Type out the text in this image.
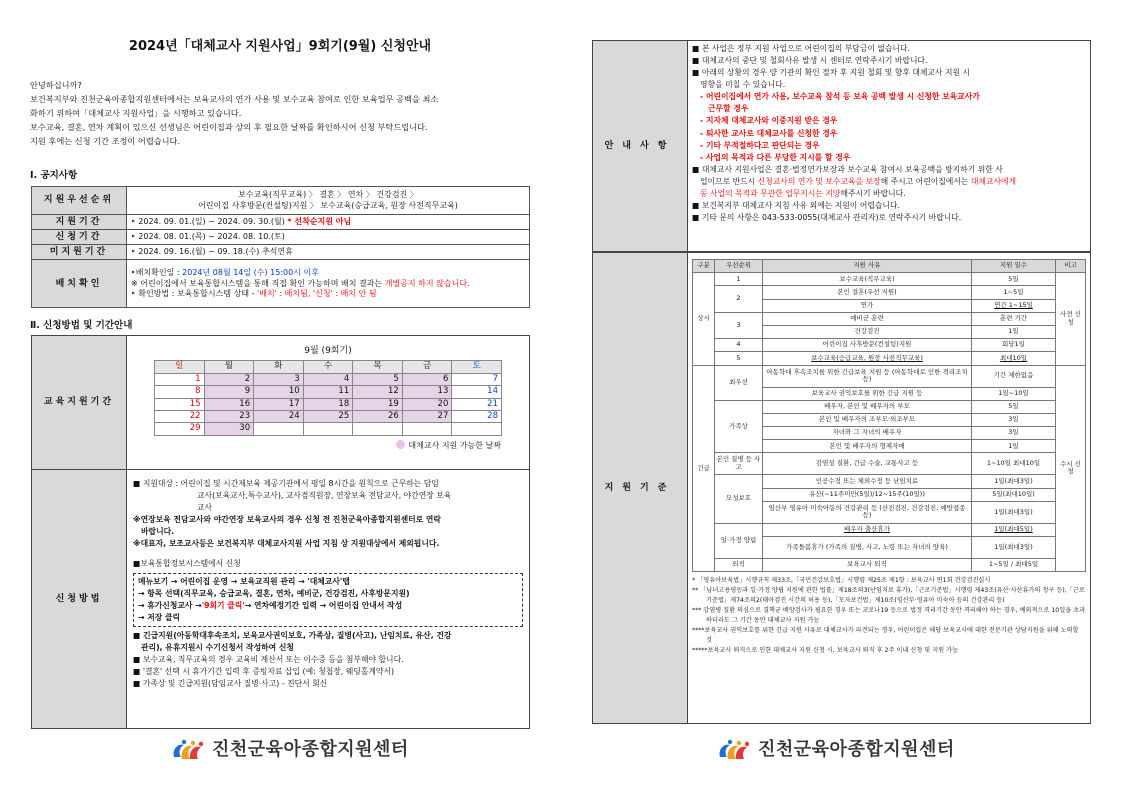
2024년「대체교사 지원사업」9회기(9월) 신청안내

안녕하십니까?

보건복지부와 진천군육아종합지원센터에서는 보육교사의 연가 사용 및 보수교육 참여로 인한 보육업무 공백을 최소

화하기 위하여「대체교사 지원사업」을 시행하고 있습니다.

보수교육, 결혼, 연차 계획이 있으신 선생님은 어린이집과 상의 후 필요한 날짜를 확인하시어 신청 부탁드립니다.

지원 후에는 신청 기간 조정이 어렵습니다.

Ⅰ. 공지사항
지원우선순위	보수교육(직무교육) 〉 결혼 〉 연차 〉 건강검진 〉
어린이집 사후방문(컨설팅)지원 〉 보수교육(승급교육, 원장 사전직무교육)

지원기간	‣ 2024. 09. 01.(일) ~ 2024. 09. 30.(월) * 선착순지원 아님
신청기간	‣ 2024. 08. 01.(목) ~ 2024. 08. 10.(토)
미지원기간	‣ 2024. 09. 16.(월) ~ 09. 18.(수) 추석연휴
배치확인	‣배치확인일 : 2024년 08월 14일 (수) 15:00시 이후
※ 어린이집에서 보육통합시스템을 통해 직접 확인 가능하며 배치 결과는 개별공지 하지 않습니다.
‣ 확인방법 : 보육통합시스템 상태 - '배치' : 배치됨, '신청' : 배치 안 됨
Ⅱ. 신청방법 및 기간안내
교육지원기간
9월 (9회기)
일	월	화	수	목	금	토
1	2	3	4	5	6	7
8	9	10	11	12	13	14
15	16	17	18	19	20	21
22	23	24	25	26	27	28
29	30					
대체교사 지원 가능한 날짜
신청방법
■ 지원대상 : 어린이집 및 시간제보육 제공기관에서 평일 8시간을 원칙으로 근무하는 담임
교사(보육교사,특수교사), 교사겸직원장, 연장보육 전담교사, 야간연장 보육
교사
※연장보육 전담교사와 야간연장 보육교사의 경우 신청 전 진천군육아종합지원센터로 연락
바랍니다.
※대표자, 보조교사등은 보건복지부 대체교사지원 사업 지침 상 지원대상에서 제외됩니다.
■보육통합정보시스템에서 신청
메뉴보기 → 어린이집 운영 → 보육교직원 관리 → '대체교사'탭
→ 항목 선택(직무교육, 승급교육, 결혼, 연차, 예비군, 건강검진, 사후방문지원)
→ 휴가신청교사 →'9회기 클릭'→ 연차예정기간 입력 → 어린이집 안내서 작성
→ 저장 클릭
■ 긴급지원(아동학대후속조치, 보육교사권익보호, 가족상, 질병(사고), 난임치료, 유산, 건강
관리), 유휴지원시 수기신청서 작성하여 신청
■ 보수교육, 직무교육의 경우 교육비 계산서 또는 이수증 등을 첨부해야 합니다.
■ '결혼' 선택 시 휴가기간 입력 후 증빙자료 삽입 (예: 청첩장, 웨딩홀계약서)
■ 가족상 및 긴급지원(담임교사 질병·사고) - 진단서 회신
진천군육아종합지원센터
안내사항
■ 본 사업은 정부 지원 사업으로 어린이집의 부담금이 없습니다.
■ 대체교사의 중단 및 철회사유 발생 시 센터로 연락주시기 바랍니다.
■ 아래의 상황의 경우 양 기관의 확인 절차 후 지원 철회 및 향후 대체교사 지원 시
영향을 미칠 수 있습니다.
- 어린이집에서 연가 사용, 보수교육 참석 등 보육 공백 발생 시 신청한 보육교사가
근무할 경우
- 지자체 대체교사와 이중지원 받은 경우
- 퇴사한 교사로 대체교사를 신청한 경우
- 기타 부적절하다고 판단되는 경우
- 사업의 목적과 다른 부당한 지시를 할 경우
■ 대체교사 지원사업은 결혼·법정연가보장과 보수교육 참여시 보육공백을 방지하기 위한 사
업이므로 반드시 신청교사의 연가 및 보수교육을 보장해 주시고 어린이집에서는 대체교사에게
동 사업의 목적과 무관한 업무지시는 지양해주시기 바랍니다.
■ 보건복지부 대체교사 지침 사유 외에는 지원이 어렵습니다.
■ 기타 문의 사항은 043-533-0055(대체교사 관리자)로 연락주시기 바랍니다.
지원기준
구분	우선순위	지원 사유	지원 일수	비고
상시	1	보수교육(직무교육)	5일	사전 신청
	2	본인 결혼(우선 지원)	1~5일	
		연가	연간 1~15일	
	3	예비군 훈련	훈련 기간	
		건강검진	1일	
	4	어린이집 사후방문(컨설팅)지원	회당1일	
	5	보수교육(승급교육, 원장 사전직무교육)	최대10일	
긴급	최우선	아동학대 후속조치를 위한 긴급보육 지원 등 (아동학대로 인한 격리조치 등)	기간 제한없음	수시 신청
		보육교사 권익보호를 위한 긴급 지원 등	1일~10일	
	가족상	배우자, 본인 및 배우자의 부모	5일	
		본인 및 배우자의 조부모·외조부모	3일	
		자녀와 그 자녀의 배우자	3일	
		본인 및 배우자의 형제자매	1일	
	본인 질병 등 사고	감염성 질환, 긴급 수술, 교통사고 등	1~10일 최대10일	
	모성보호	인공수정 또는 체외수정 등 난임치료	1일(최대3일)	
		유산(~11주미만(5일)/12~15주(10일))	5일(최대10일)	
		임산부 영유아 미숙아동의 건강관리 등 (산전검진, 건강검진, 예방접종 등)	1일(최대3일)	
	일·가정 양립	배우자 출산휴가	1일(최대5일)	
		가족돌봄휴가 (가족의 질병, 사고, 노령 또는 자녀의 양육)	1일(최대3일)	
	퇴직	보육교사 퇴직	1~5일 / 최대5일	
* 「영유아보육법」시행규칙 제33조,「국민건강보호법」시행령 제25조 제1항 : 보육교사 연1회 건강검진실시
** 「남녀고용평등과 일·가정 양립 지원에 관한 법률」제18조의3(난임치료 휴가),「근로기준법」시행령 제43조(유산·사산휴가의 청구 등),「근로기준법」제74조의2(태아검진 시간의 허용 등),「모자보건법」제10조(임산부·영유아 미숙아 등의 건강관리 등)
*** 감염병 질환 의심으로 결핵균 배양검사가 필요한 경우 또는 코로나19 등으로 법정 격리기간 동안 격리해야 하는 경우, 예외적으로 10일을 초과하더라도 그 기간 동안 대체교사 지원 가능
****보육교사 권익보호를 위한 긴급 지원 사유로 대체교사가 파견되는 경우, 어린이집은 해당 보육교사에 대한 전문기관 상담지원을 위해 노력할 것
*****보육교사 퇴직으로 인한 대체교사 지원 신청 시, 보육교사 퇴직 후 2주 이내 신청 및 지원 가능
진천군육아종합지원센터
